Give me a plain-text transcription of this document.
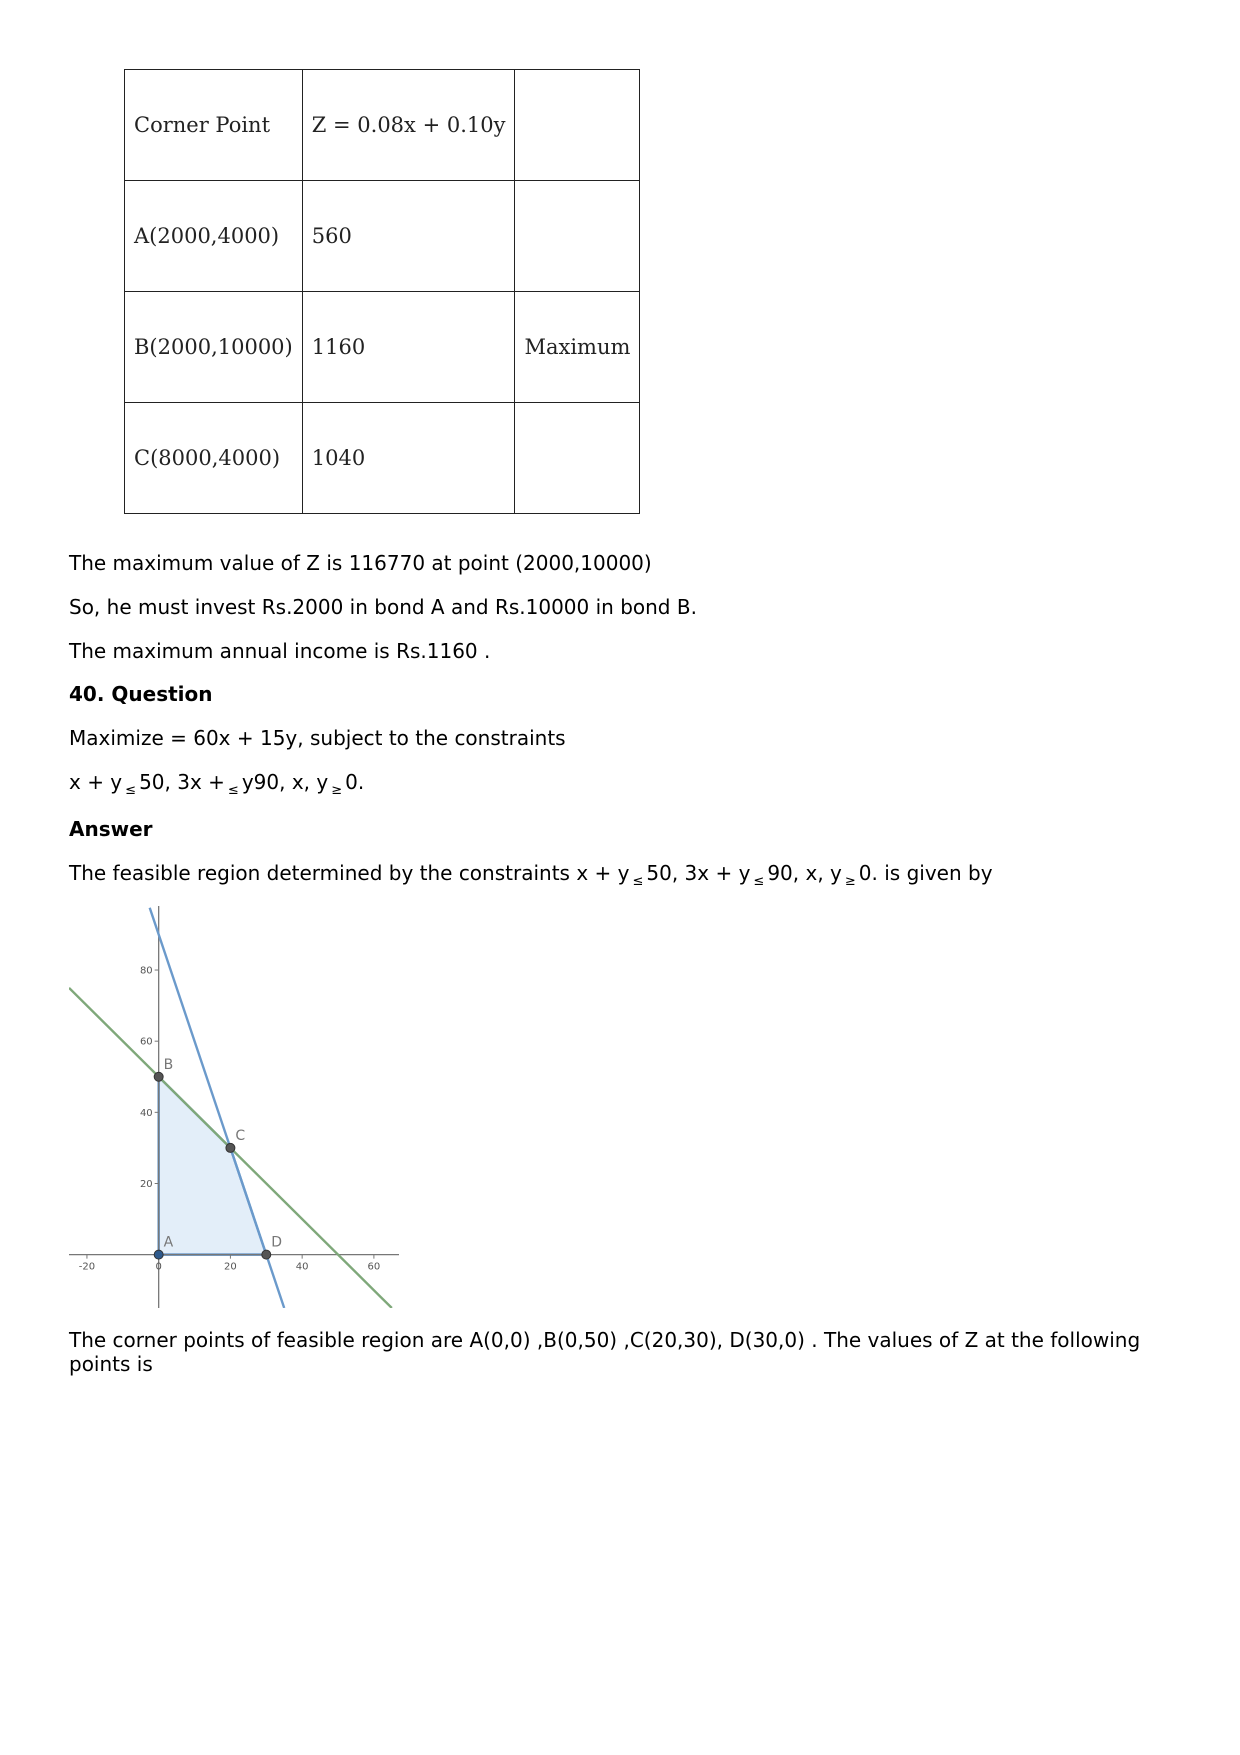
Corner Point	Z = 0.08x + 0.10y	
A(2000,4000)	560	
B(2000,10000)	1160	Maximum
C(8000,4000)	1040	

The maximum value of Z is 116770 at point (2000,10000)

So, he must invest Rs.2000 in bond A and Rs.10000 in bond B.

The maximum annual income is Rs.1160 .

40. Question

Maximize = 60x + 15y, subject to the constraints

x + y $_\le$ 50, 3x + $_\le$ y90, x, y $_\ge$ 0.

Answer

The feasible region determined by the constraints x + y $_\le$ 50, 3x + y $_\le$ 90, x, y $_\ge$ 0. is given by

-20	0	20	40	60
20
40
60
80
A
B
C
D

The corner points of feasible region are A(0,0) ,B(0,50) ,C(20,30), D(30,0) . The values of Z at the following points is
